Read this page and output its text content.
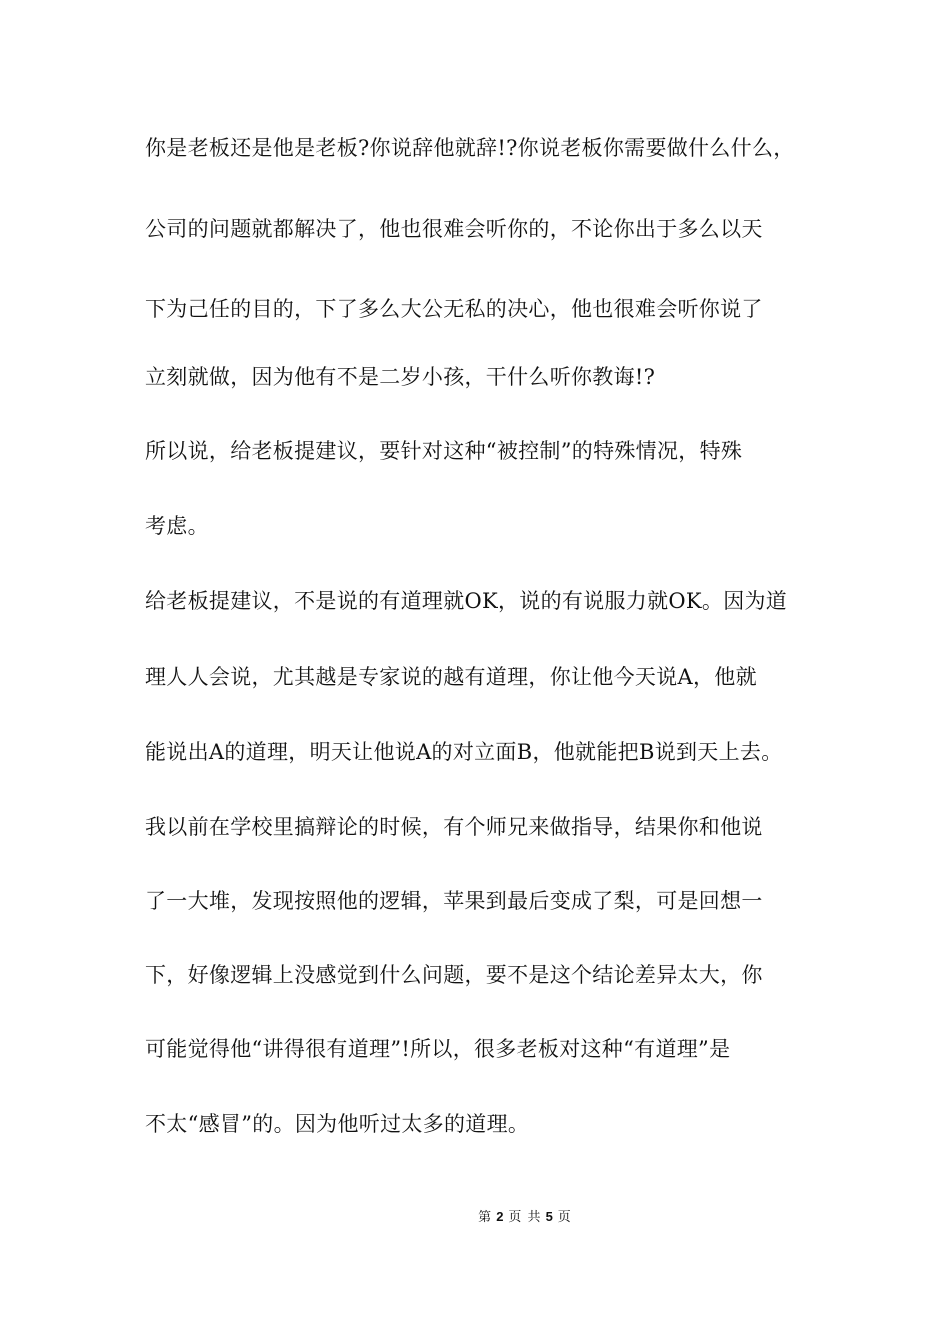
你是老板还是他是老板?你说辞他就辞!?你说老板你需要做什么什么，
公司的问题就都解决了，他也很难会听你的，不论你出于多么以天
下为己任的目的，下了多么大公无私的决心，他也很难会听你说了
立刻就做，因为他有不是二岁小孩，干什么听你教诲!?
所以说，给老板提建议，要针对这种“被控制”的特殊情况，特殊
考虑。
给老板提建议，不是说的有道理就OK，说的有说服力就OK。因为道
理人人会说，尤其越是专家说的越有道理，你让他今天说A，他就
能说出A的道理，明天让他说A的对立面B，他就能把B说到天上去。
我以前在学校里搞辩论的时候，有个师兄来做指导，结果你和他说
了一大堆，发现按照他的逻辑，苹果到最后变成了梨，可是回想一
下，好像逻辑上没感觉到什么问题，要不是这个结论差异太大，你
可能觉得他“讲得很有道理”!所以，很多老板对这种“有道理”是
不太“感冒”的。因为他听过太多的道理。
第 2 页 共 5 页
